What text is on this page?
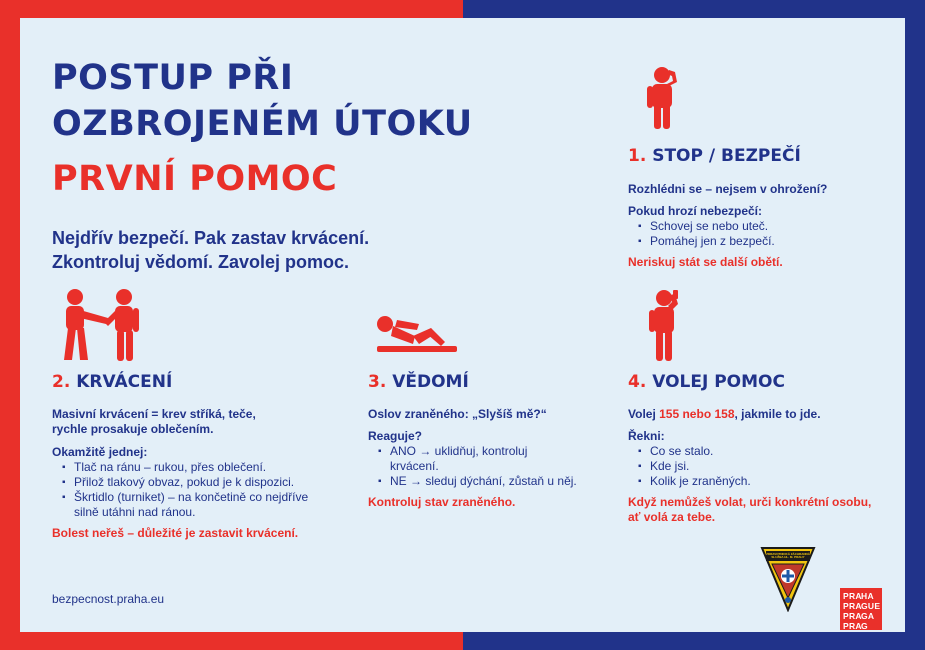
POSTUP PŘI
OZBROJENÉM ÚTOKU
PRVNÍ POMOC
Nejdřív bezpečí. Pak zastav krvácení.
Zkontroluj vědomí. Zavolej pomoc.
1. STOP / BEZPEČÍ
Rozhlédni se – nejsem v ohrožení?
Pokud hrozí nebezpečí:
▪ Schovej se nebo uteč.
▪ Pomáhej jen z bezpečí.
Neriskuj stát se další obětí.
2. KRVÁCENÍ
Masivní krvácení = krev stříká, teče,
rychle prosakuje oblečením.
Okamžitě jednej:
▪ Tlač na ránu – rukou, přes oblečení.
▪ Přilož tlakový obvaz, pokud je k dispozici.
▪ Škrtidlo (turniket) – na končetině co nejdříve
silně utáhni nad ránou.
Bolest neřeš – důležité je zastavit krvácení.
3. VĚDOMÍ
Oslov zraněného: „Slyšíš mě?“
Reaguje?
▪ ANO → uklidňuj, kontroluj
krvácení.
▪ NE → sleduj dýchání, zůstaň u něj.
Kontroluj stav zraněného.
4. VOLEJ POMOC
Volej 155 nebo 158, jakmile to jde.
Řekni:
▪ Co se stalo.
▪ Kde jsi.
▪ Kolik je zraněných.
Když nemůžeš volat, urči konkrétní osobu,
ať volá za tebe.
bezpecnost.praha.eu
ZDRAVOTNICKÁ ZÁCHRANNÁ SLUŽBA HL. M. PRAHY
PRA HA
PRA GUE
PRA GA
PRA G
